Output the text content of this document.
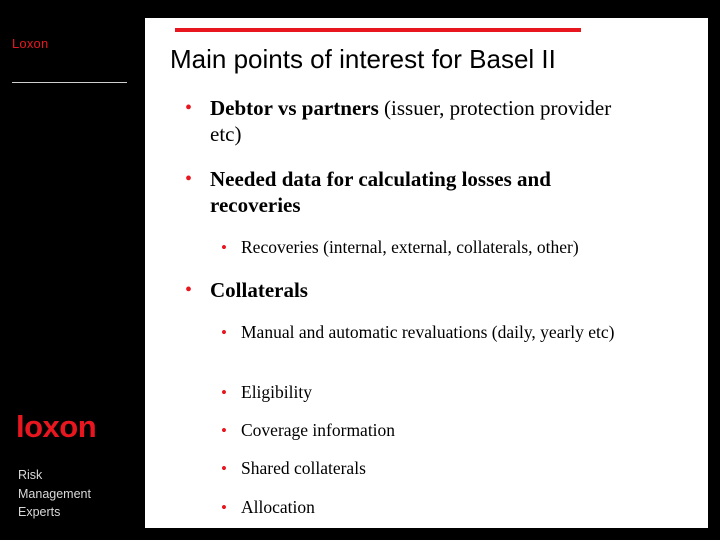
Loxon
loxon
Risk
Management
Experts
Main points of interest for Basel II
• Debtor vs partners (issuer, protection provider etc)
• Needed data for calculating losses and recoveries
• Recoveries (internal, external, collaterals, other)
• Collaterals
• Manual and automatic revaluations (daily, yearly etc)
• Eligibility
• Coverage information
• Shared collaterals
• Allocation
